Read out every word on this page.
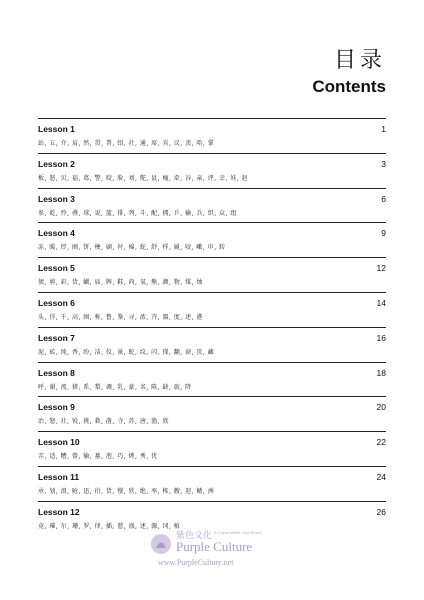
目录
Contents
Lesson 1	1
站, 五, 介, 肩, 然, 贯, 普, 绍, 社, 通, 席, 宾, 议, 羡, 哈, 掌
Lesson 2	3
板, 怒, 贝, 福, 葛, 警, 咬, 脸, 刘, 舵, 县, 瘦, 牵, 谷, 亲, 评, 幸, 娃, 赵
Lesson 3	6
参, 乾, 怜, 叠, 球, 说, 篮, 排, 列, 斗, 配, 拥, 乒, 输, 兵, 织, 众, 组
Lesson 4	9
冻, 暖, 厚, 阁, 饼, 梗, 刷, 衬, 棉, 蛇, 舒, 样, 履, 咬, 嗽, 申, 转
Lesson 5	12
债, 剪, 彩, 货, 蝴, 庙, 牌, 鞋, 尚, 氧, 熊, 颜, 物, 煤, 烛
Lesson 6	14
头, 俘, 千, 高, 困, 称, 鲁, 鉴, 寻, 浓, 卉, 器, 度, 述, 港
Lesson 7	16
泥, 砖, 纯, 香, 纷, 洁, 仪, 景, 蛇, 纹, 闪, 探, 翻, 窗, 页, 藏
Lesson 8	18
呼, 谢, 流, 猪, 系, 梨, 调, 乳, 豪, 名, 陈, 缺, 旅, 降
Lesson 9	20
治, 怒, 社, 锐, 挑, 救, 凿, 寺, 苏, 唐, 渔, 欣
Lesson 10	22
弄, 适, 糟, 曾, 愉, 墓, 泡, 巧, 烤, 秀, 优
Lesson 11	24
承, 划, 浪, 呛, 迅, 衍, 货, 慢, 欣, 绝, 率, 栋, 艘, 迎, 鳍, 洲
Lesson 12	26
竟, 璀, 尔, 珊, 罗, 律, 插, 慈, 盛, 述, 源, 冈, 植
紫色文化 A China Within Your Reach
Purple Culture
www.PurpleCulture.net
